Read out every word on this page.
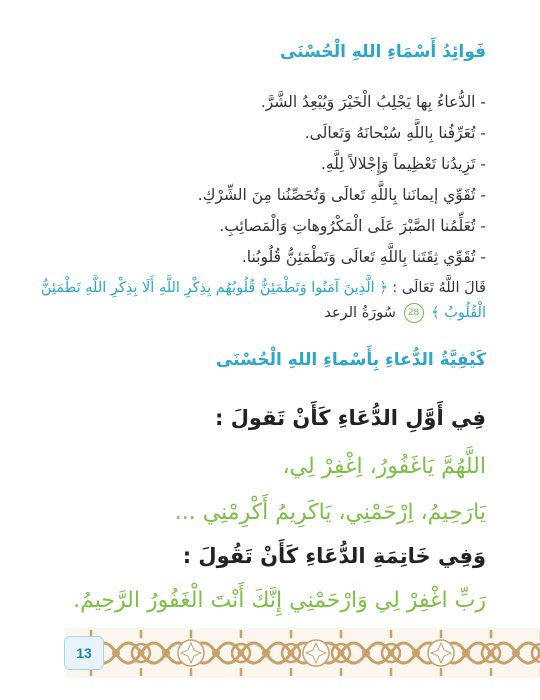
فَوائِدُ أَسْمَاءِ اللهِ الْحُسْنَى
- الدُّعاءُ بِها يَجْلِبُ الْخَيْرَ وَيُبْعِدُ الشَّرَّ.
- تُعَرِّفُنا بِاللَّهِ سُبْحانَهُ وَتَعالَى.
- تَزِيدُنا تَعْظِيماً وَإِجْلالاً لِلَّهِ.
- تُقَوِّي إيمانَنا بِاللَّهِ تَعالَى وَتُحَصِّنُنا مِنَ الشِّرْكِ.
- تُعَلِّمُنا الصَّبْرَ عَلَى الْمَكْرُوهاتِ وَالْمَصائِبِ.
- تُقَوِّي ثِقَتَنا بِاللَّهِ تَعالَى وَتَطْمَئِنُّ قُلُوبُنا.
قَالَ اللَّهُ تَعَالَى : ﴿ الَّذِينَ آمَنُوا وَتَطْمَئِنُّ قُلُوبُهُم بِذِكْرِ اللَّهِ أَلَا بِذِكْرِ اللَّهِ تَطْمَئِنُّ الْقُلُوبُ ﴾ 28 سُورَةُ الرعد
كَيْفِيَّةُ الدُّعاءِ بِأَسْماءِ اللهِ الْحُسْنَى
فِي أَوَّلِ الدُّعَاءِ كَأَنْ تَقولَ :
اللَّهُمَّ يَاغَفُورُ، اِغْفِرْ لِي،
يَارَحِيمُ، اِرْحَمْنِي، يَاكَرِيمُ أَكْرِمْنِي ...
وَفِي خَاتِمَةِ الدُّعَاءِ كَأَنْ تَقُولَ :
رَبِّ اغْفِرْ لِي وَارْحَمْنِي إِنَّكَ أَنْتَ الْغَفُورُ الرَّحِيمُ.
13
